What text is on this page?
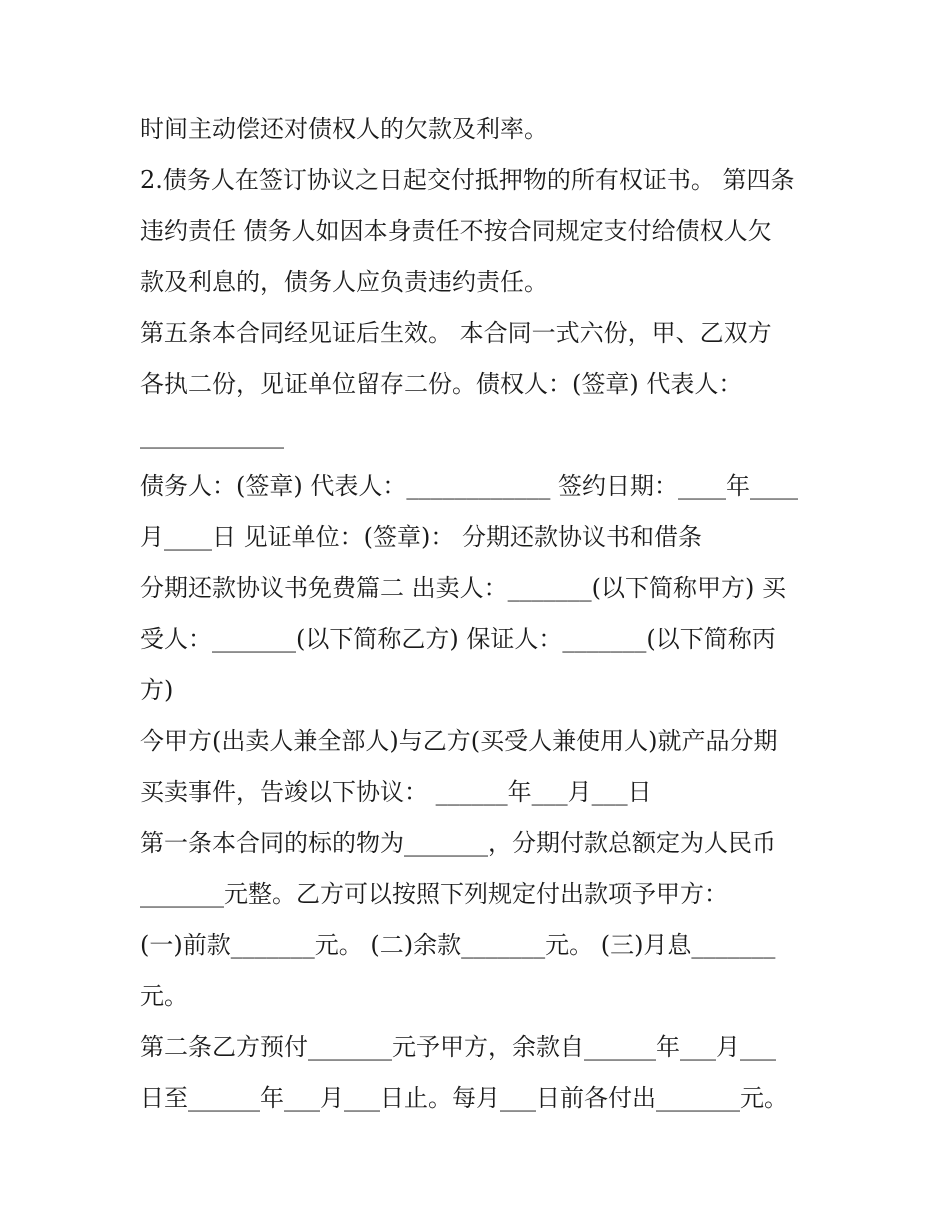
时间主动偿还对债权人的欠款及利率。
2.债务人在签订协议之日起交付抵押物的所有权证书。 第四条
违约责任 债务人如因本身责任不按合同规定支付给债权人欠
款及利息的，债务人应负责违约责任。
第五条本合同经见证后生效。 本合同一式六份，甲、乙双方
各执二份，见证单位留存二份。债权人：(签章) 代表人：
____________
债务人：(签章) 代表人：____________ 签约日期：____年____
月____日 见证单位：(签章)： 分期还款协议书和借条
分期还款协议书免费篇二 出卖人：_______(以下简称甲方) 买
受人：_______(以下简称乙方) 保证人：_______(以下简称丙
方)
今甲方(出卖人兼全部人)与乙方(买受人兼使用人)就产品分期
买卖事件，告竣以下协议： ______年___月___日
第一条本合同的标的物为_______，分期付款总额定为人民币
_______元整。乙方可以按照下列规定付出款项予甲方：
(一)前款_______元。 (二)余款_______元。 (三)月息_______
元。
第二条乙方预付_______元予甲方，余款自______年___月___
日至______年___月___日止。每月___日前各付出_______元。
